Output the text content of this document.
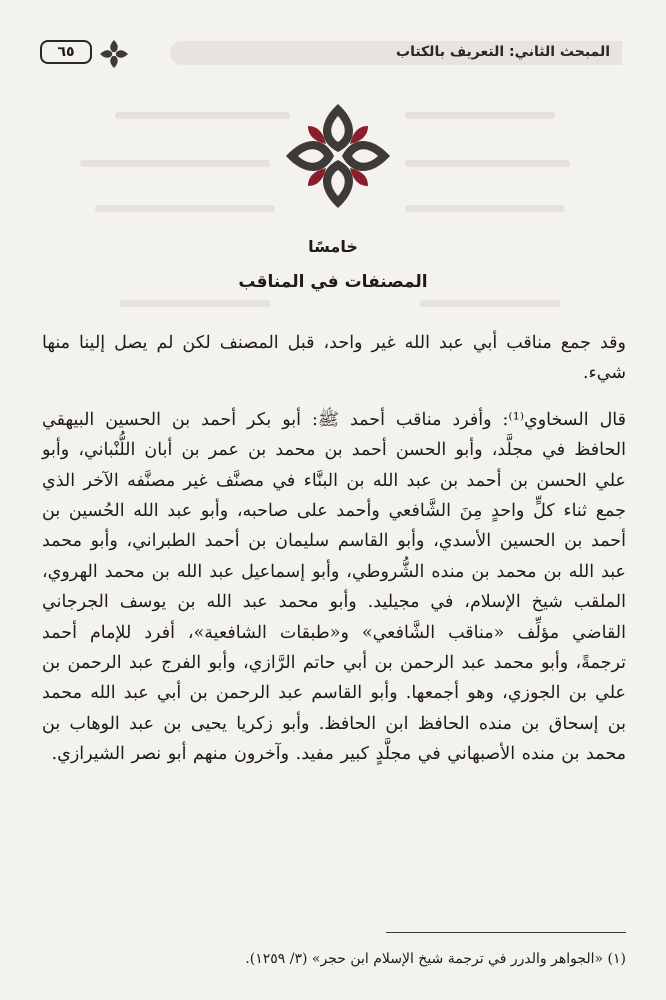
المبحث الثاني: التعريف بالكتاب
٦٥
خامسًا
المصنفات في المناقب

وقد جمع مناقب أبي عبد الله غير واحد، قبل المصنف لكن لم يصل إلينا منها شيء.

قال السخاوي⁽¹⁾: وأفرد مناقب أحمد ﷺ: أبو بكر أحمد بن الحسين البيهقي الحافظ في مجلَّد، وأبو الحسن أحمد بن محمد بن عمر بن أبان اللُّنْباني، وأبو علي الحسن بن أحمد بن عبد الله بن البنَّاء في مصنَّف غير مصنَّفه الآخر الذي جمع ثناء كلٍّ واحدٍ مِنَ الشَّافعي وأحمد على صاحبه، وأبو عبد الله الحُسين بن أحمد بن الحسين الأسدي، وأبو القاسم سليمان بن أحمد الطبراني، وأبو محمد عبد الله بن محمد بن منده الشُّروطي، وأبو إسماعيل عبد الله بن محمد الهروي، الملقب شيخ الإسلام، في مجيليد. وأبو محمد عبد الله بن يوسف الجرجاني القاضي مؤلِّف «مناقب الشَّافعي» و«طبقات الشافعية»، أفرد للإمام أحمد ترجمةً، وأبو محمد عبد الرحمن بن أبي حاتم الرَّازي، وأبو الفرج عبد الرحمن بن علي بن الجوزي، وهو أجمعها. وأبو القاسم عبد الرحمن بن أبي عبد الله محمد بن إسحاق بن منده الحافظ ابن الحافظ. وأبو زكريا يحيى بن عبد الوهاب بن محمد بن منده الأصبهاني في مجلَّدٍ كبير مفيد. وآخرون منهم أبو نصر الشيرازي.

(١) «الجواهر والدرر في ترجمة شيخ الإسلام ابن حجر» (٣/ ١٢٥٩).
